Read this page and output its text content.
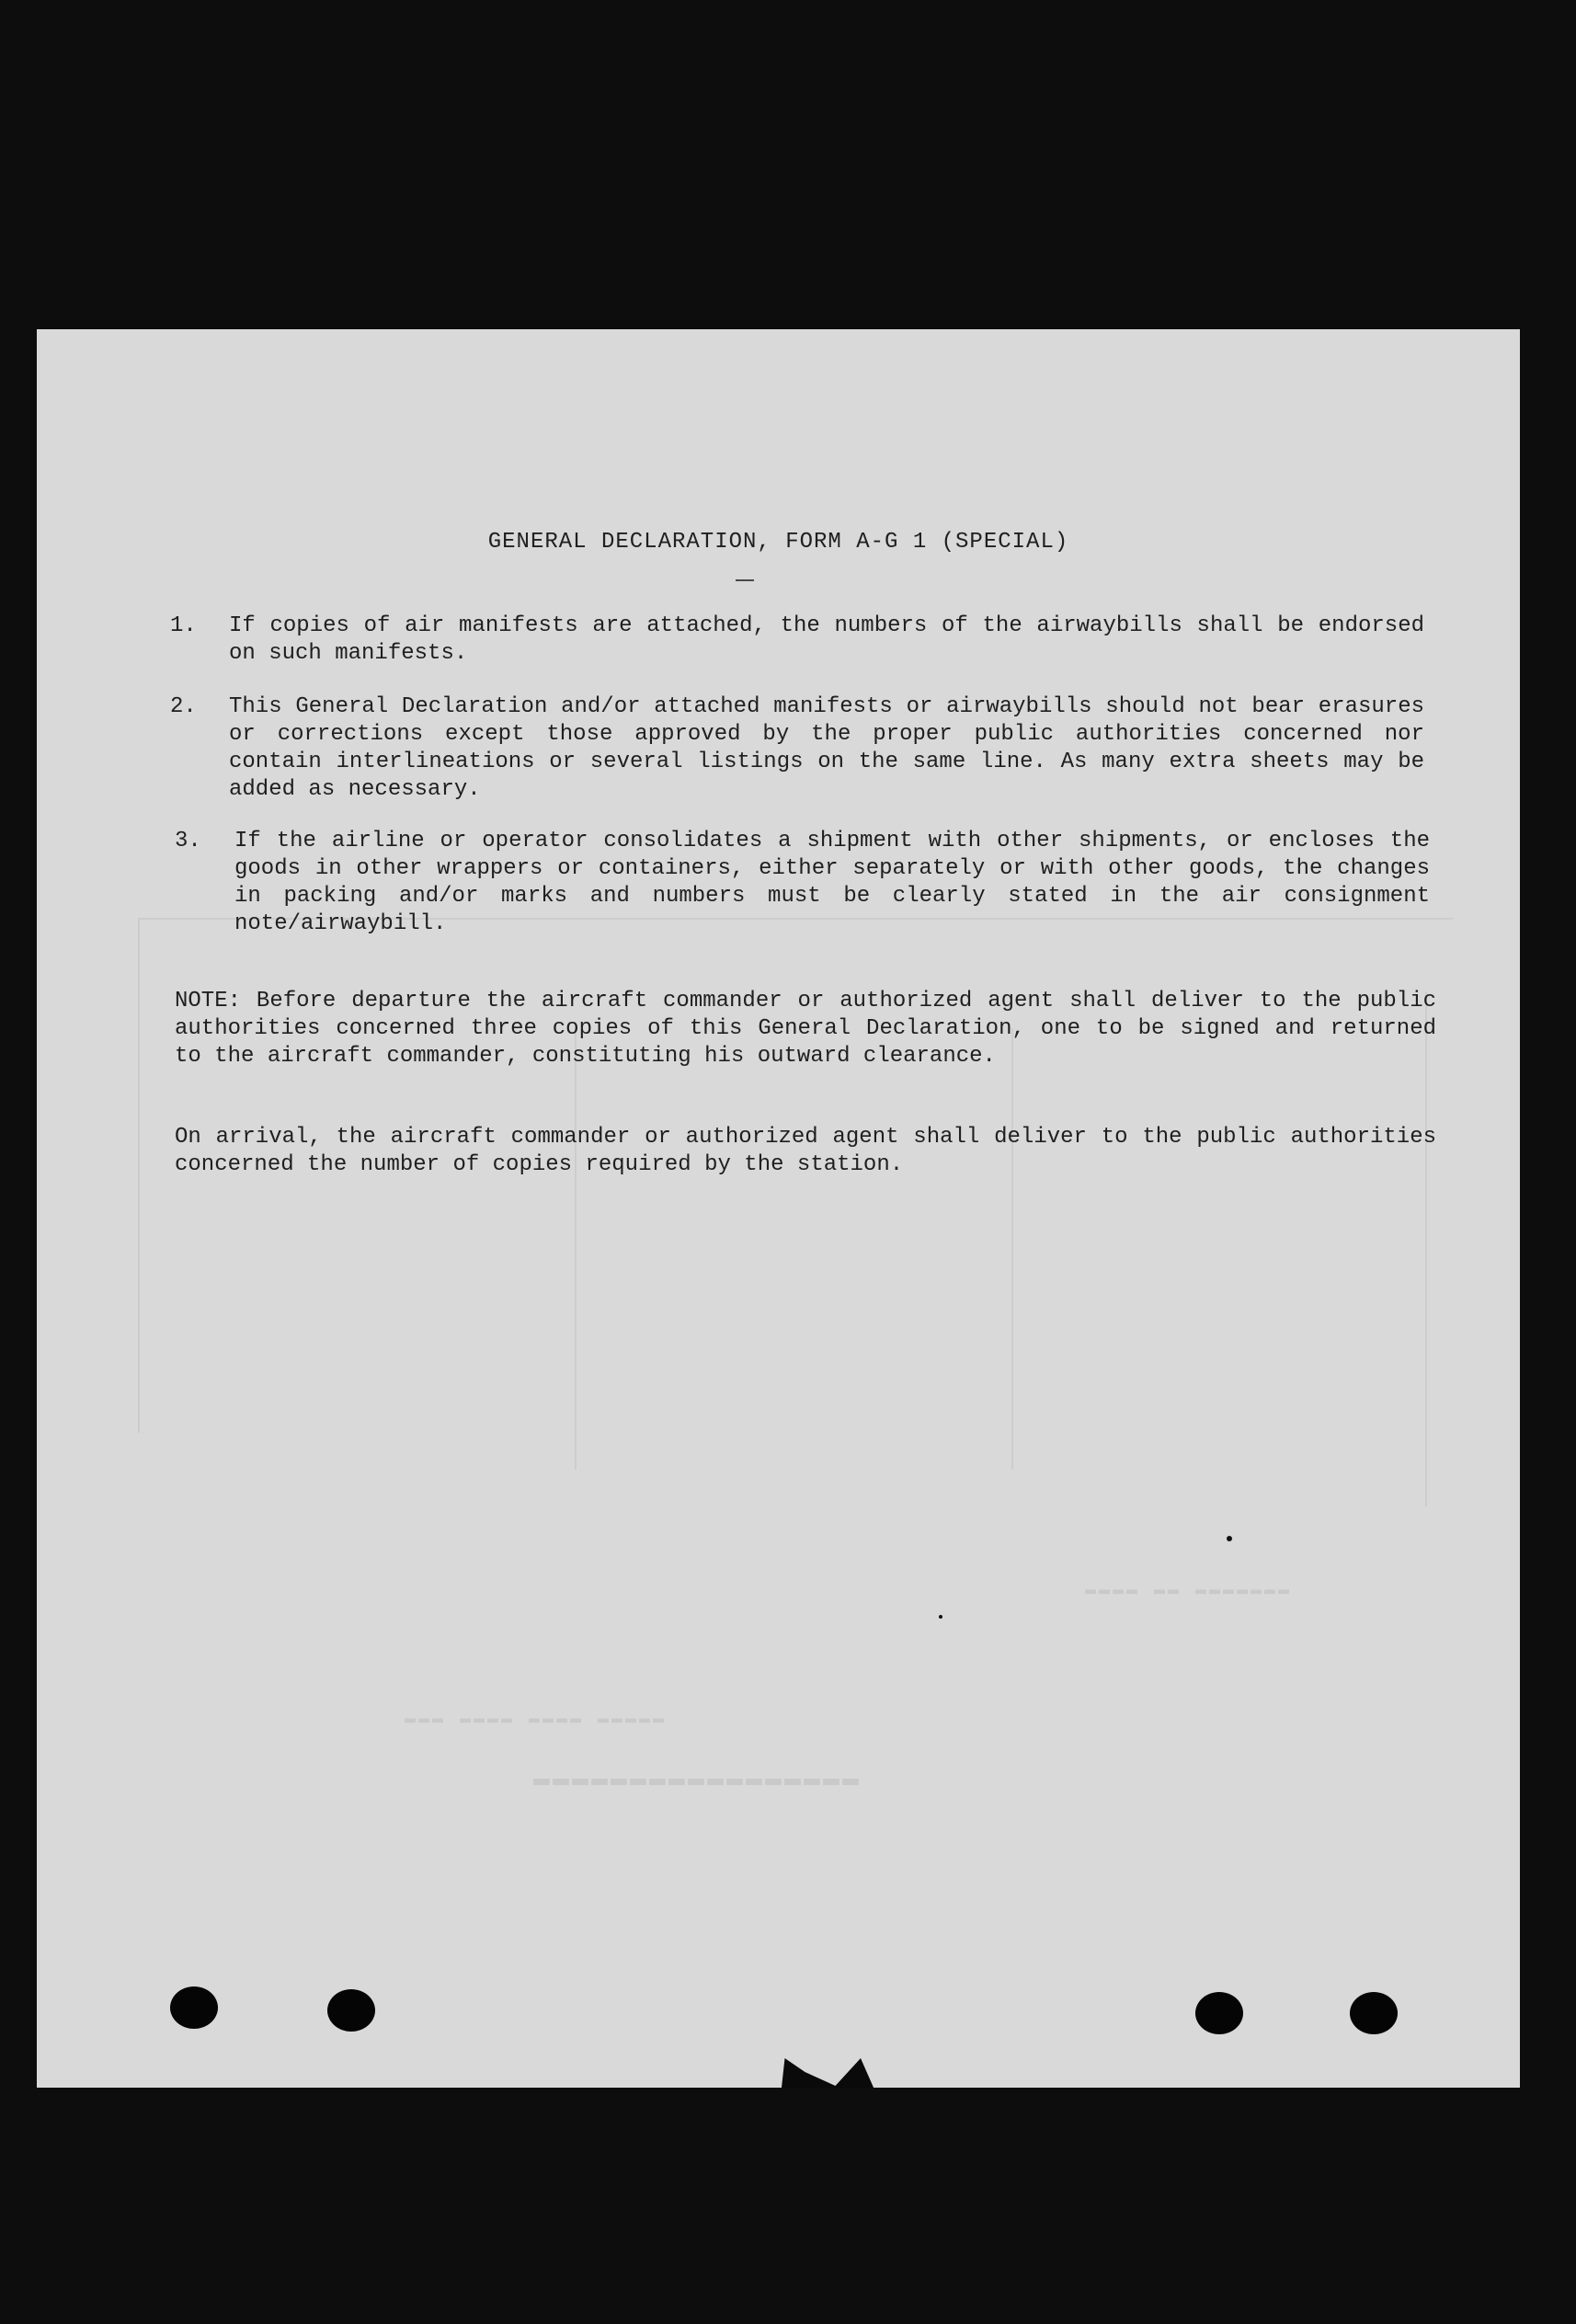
▬▬▬ ▬▬▬▬ ▬▬▬▬ ▬▬▬▬▬
▬▬▬▬▬▬▬▬▬▬▬▬▬▬▬▬▬
▬▬▬▬ ▬▬ ▬▬▬▬▬▬▬
GENERAL DECLARATION, FORM A-G 1 (SPECIAL)
1.	If copies of air manifests are attached, the numbers of the airwaybills shall be endorsed on such manifests.
2.	This General Declaration and/or attached manifests or airwaybills should not bear erasures or corrections except those approved by the proper public authorities concerned nor contain interlineations or several listings on the same line. As many extra sheets may be added as necessary.
3.	If the airline or operator consolidates a shipment with other shipments, or encloses the goods in other wrappers or containers, either separately or with other goods, the changes in packing and/or marks and numbers must be clearly stated in the air consignment note/airwaybill.
NOTE: Before departure the aircraft commander or authorized agent shall deliver to the public authorities concerned three copies of this General Declaration, one to be signed and returned to the aircraft commander, constituting his outward clearance.
On arrival, the aircraft commander or authorized agent shall deliver to the public authorities concerned the number of copies required by the station.
